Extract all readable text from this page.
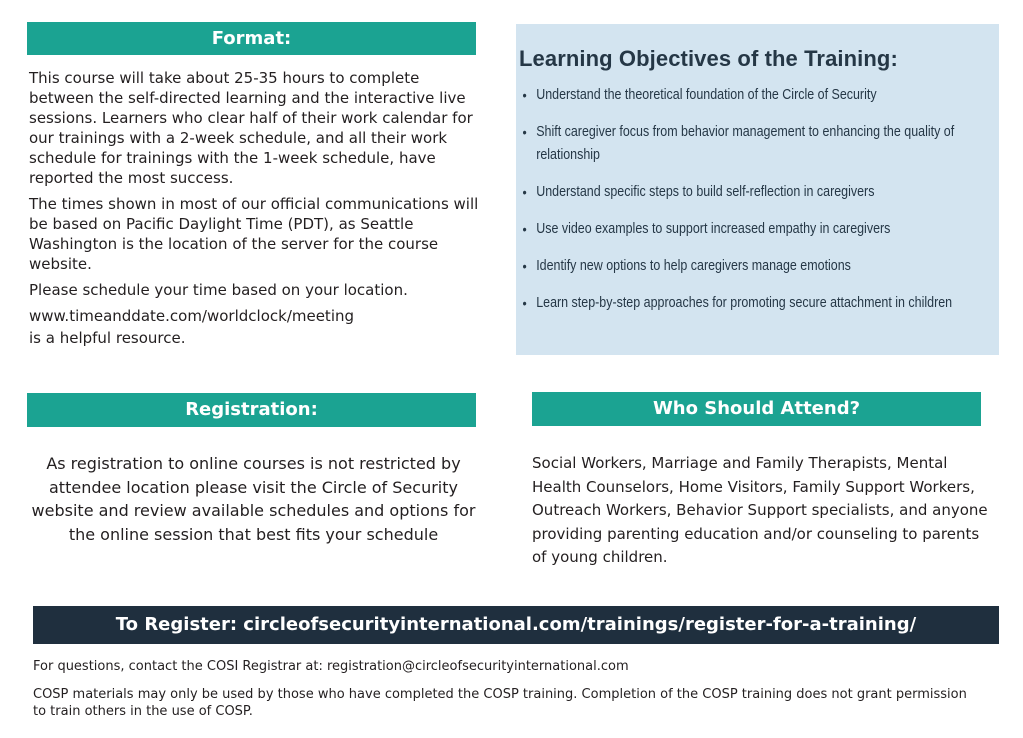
Format:

This course will take about 25-35 hours to complete between the self-directed learning and the interactive live sessions. Learners who clear half of their work calendar for our trainings with a 2-week schedule, and all their work schedule for trainings with the 1-week schedule, have reported the most success.

The times shown in most of our official communications will be based on Pacific Daylight Time (PDT), as Seattle Washington is the location of the server for the course website.

Please schedule your time based on your location.

www.timeanddate.com/worldclock/meeting

is a helpful resource.

Learning Objectives of the Training:
• Understand the theoretical foundation of the Circle of Security
• Shift caregiver focus from behavior management to enhancing the quality of relationship
• Understand specific steps to build self-reflection in caregivers
• Use video examples to support increased empathy in caregivers
• Identify new options to help caregivers manage emotions
• Learn step-by-step approaches for promoting secure attachment in children
Registration:	Who Should Attend?
As registration to online courses is not restricted by attendee location please visit the Circle of Security website and review available schedules and options for the online session that best fits your schedule
Social Workers, Marriage and Family Therapists, Mental Health Counselors, Home Visitors, Family Support Workers, Outreach Workers, Behavior Support specialists, and anyone providing parenting education and/or counseling to parents of young children.
To Register: circleofsecurityinternational.com/trainings/register-for-a-training/
For questions, contact the COSI Registrar at: registration@circleofsecurityinternational.com
COSP materials may only be used by those who have completed the COSP training. Completion of the COSP training does not grant permission to train others in the use of COSP.
